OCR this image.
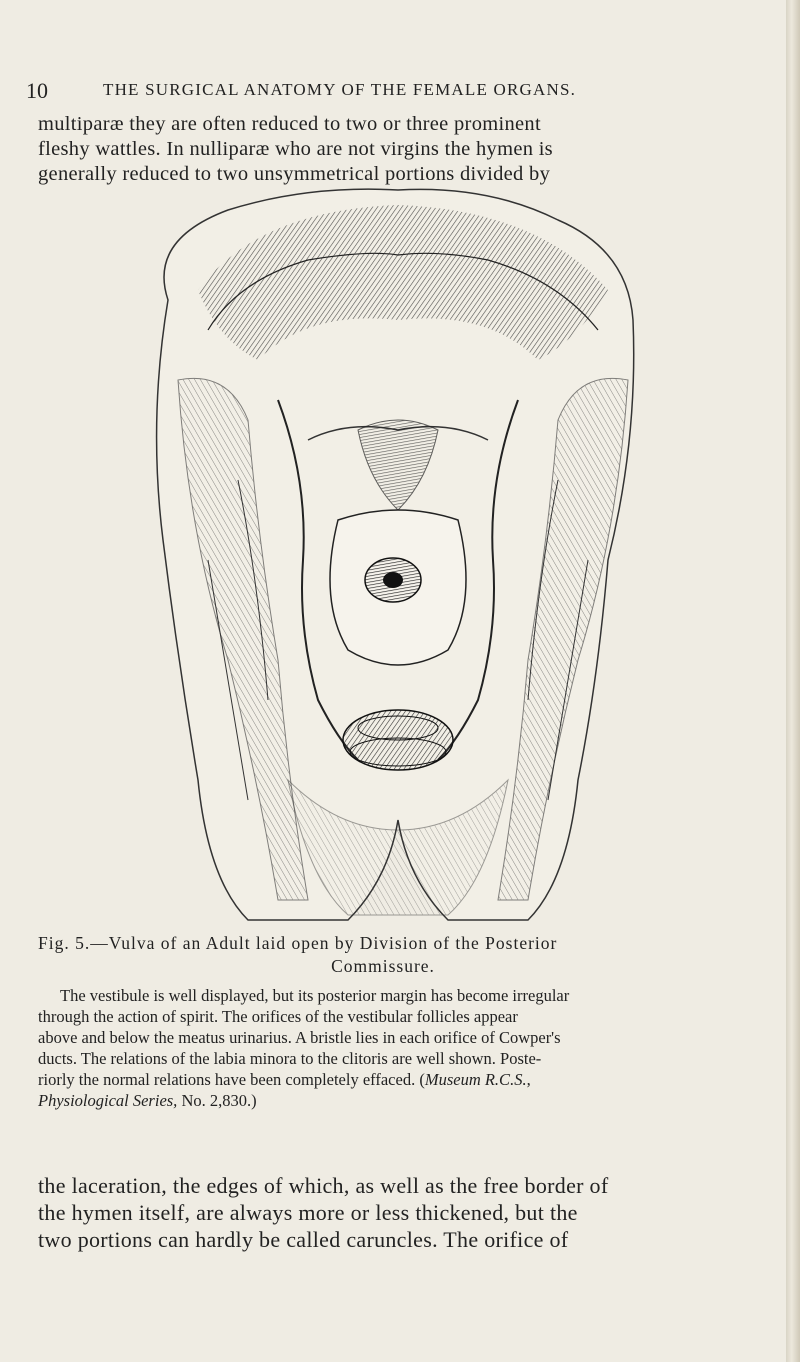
10	THE SURGICAL ANATOMY OF THE FEMALE ORGANS.
multiparæ they are often reduced to two or three prominent
fleshy wattles. In nulliparæ who are not virgins the hymen is
generally reduced to two unsymmetrical portions divided by
Fig. 5.—Vulva of an Adult laid open by Division of the Posterior
Commissure.
The vestibule is well displayed, but its posterior margin has become irregular
through the action of spirit. The orifices of the vestibular follicles appear
above and below the meatus urinarius. A bristle lies in each orifice of Cowper's
ducts. The relations of the labia minora to the clitoris are well shown. Poste-
riorly the normal relations have been completely effaced. (Museum R.C.S.,
Physiological Series, No. 2,830.)
the laceration, the edges of which, as well as the free border of
the hymen itself, are always more or less thickened, but the
two portions can hardly be called caruncles. The orifice of
